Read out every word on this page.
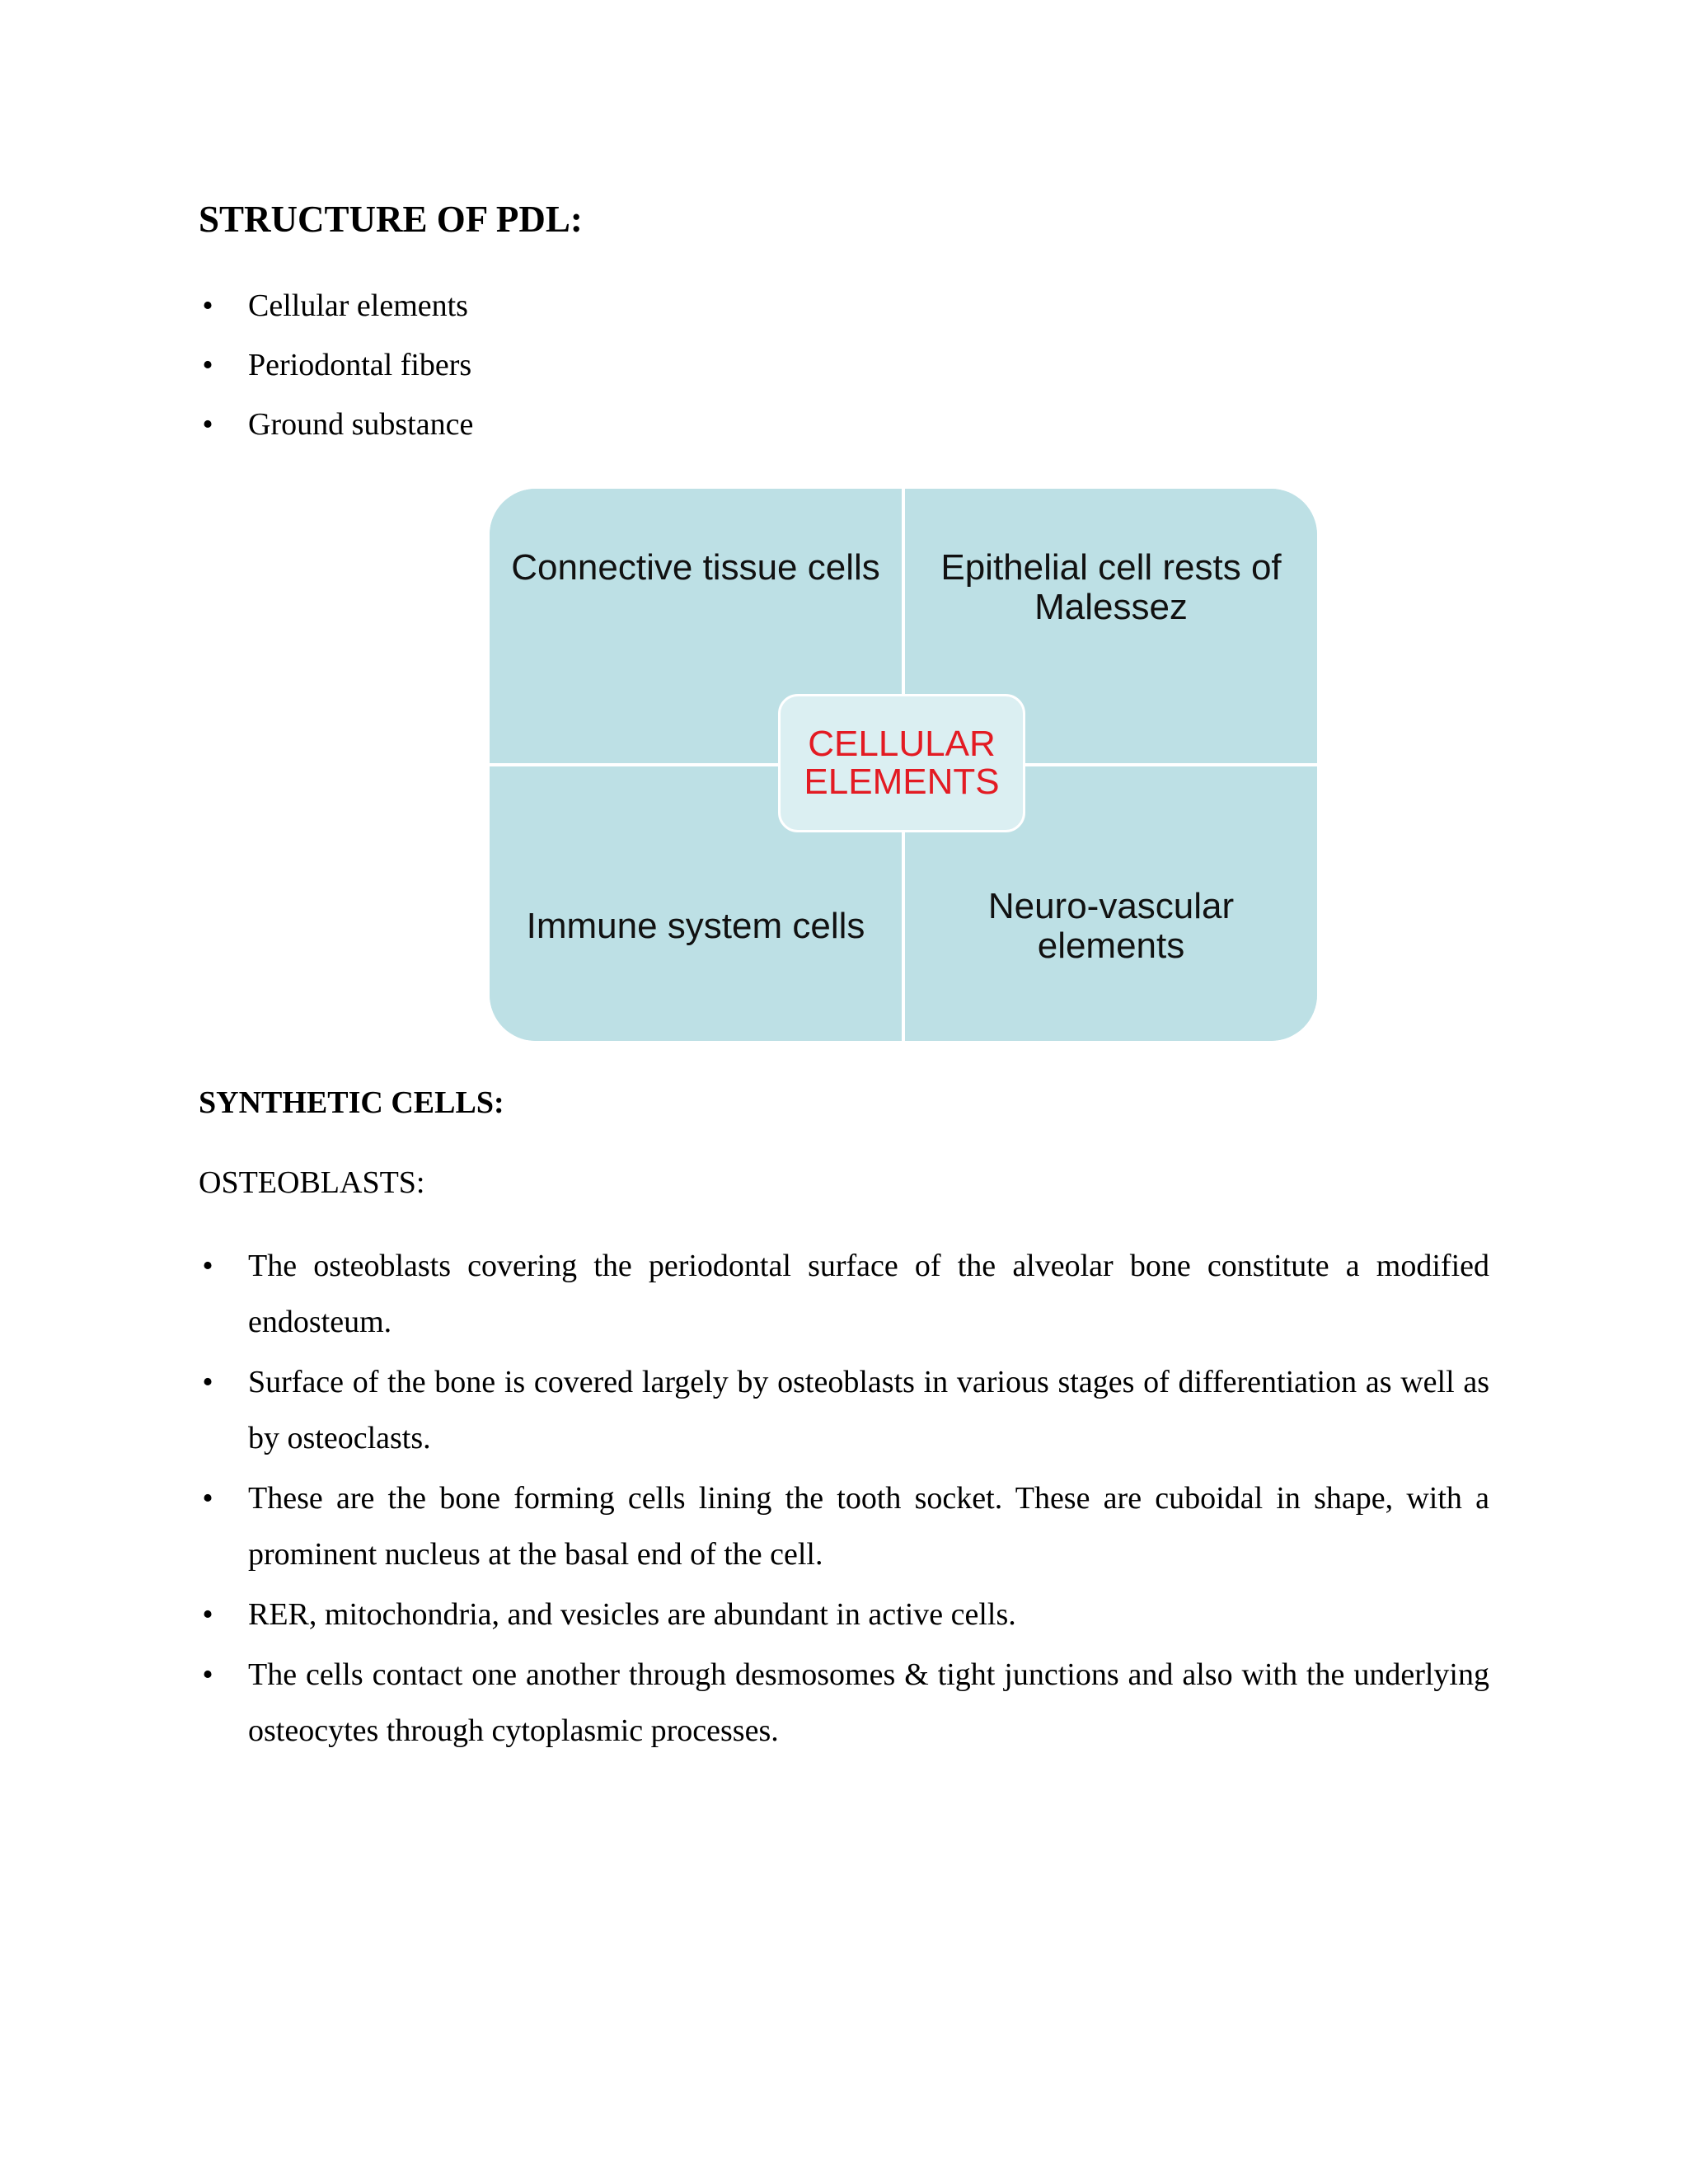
STRUCTURE OF PDL:
• Cellular elements
• Periodontal fibers
• Ground substance
Connective tissue cells	Epithelial cell rests of Malessez
Immune system cells	Neuro-vascular elements
CELLULAR ELEMENTS
SYNTHETIC CELLS:

OSTEOBLASTS:

• The osteoblasts covering the periodontal surface of the alveolar bone constitute a modified endosteum.
• Surface of the bone is covered largely by osteoblasts in various stages of differentiation as well as by osteoclasts.
• These are the bone forming cells lining the tooth socket. These are cuboidal in shape, with a prominent nucleus at the basal end of the cell.
• RER, mitochondria, and vesicles are abundant in active cells.
• The cells contact one another through desmosomes & tight junctions and also with the underlying osteocytes through cytoplasmic processes.
